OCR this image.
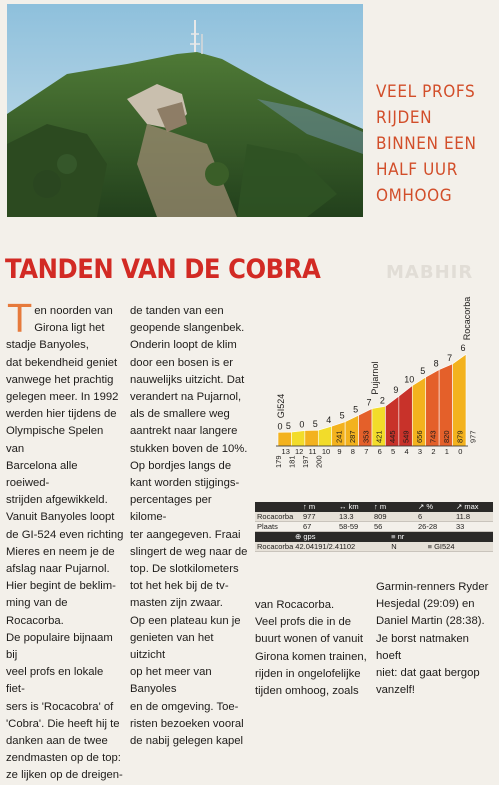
VEEL PROFS
RIJDEN
BINNEN EEN
HALF UUR
OMHOOG
MABHIR
TANDEN VAN DE COBRA
T en noorden van
Girona ligt het
stadje Banyoles,
dat bekendheid geniet
vanwege het prachtig
gelegen meer. In 1992
werden hier tijdens de
Olympische Spelen van
Barcelona alle roeiwed-
strijden afgewikkeld.
Vanuit Banyoles loopt
de GI-524 even richting
Mieres en neem je de
afslag naar Pujarnol.
Hier begint de beklim-
ming van de Rocacorba.
De populaire bijnaam bij
veel profs en lokale fiet-
sers is 'Rocacobra' of
'Cobra'. Die heeft hij te
danken aan de twee
zendmasten op de top:
ze lijken op de dreigen-

de tanden van een
geopende slangenbek.
Onderin loopt de klim
door een bosen is er
nauwelijks uitzicht. Dat
verandert na Pujarnol,
als de smallere weg
aantrekt naar langere
stukken boven de 10%.
Op bordjes langs de
kant worden stijgings-
percentages per kilome-
ter aangegeven. Fraai
slingert de weg naar de
top. De slotkilometers
tot het hek bij de tv-
masten zijn zwaar.
Op een plateau kun je
genieten van het uitzicht
op het meer van Banyoles
en de omgeving. Toe-
risten bezoeken vooral
de nabij gelegen kapel

5 0 5 4 5
5
7 2
9
10
5
8
7
6
0
179 181 197 200
241 287 353 421 445 549 656 743 820 879 977
13 12 11 10 9 8 7 6 5 4 3 2 1 0
GI524
Pujarnol
Rocacorba
↑ m	↔ km	↑ m	↗ %	↗ max
Rocacorba	977	13.3	809	6	11.8
Plaats	67	58-59	56	26-28	33
⊕ gps	≡ nr
Rocacorba 42.04191/2.41102	N	≡ GI524

van Rocacorba.
Veel profs die in de
buurt wonen of vanuit
Girona komen trainen,
rijden in ongelofelijke
tijden omhoog, zoals

Garmin-renners Ryder
Hesjedal (29:09) en
Daniel Martin (28:38).
Je borst natmaken hoeft
niet: dat gaat bergop
vanzelf!
